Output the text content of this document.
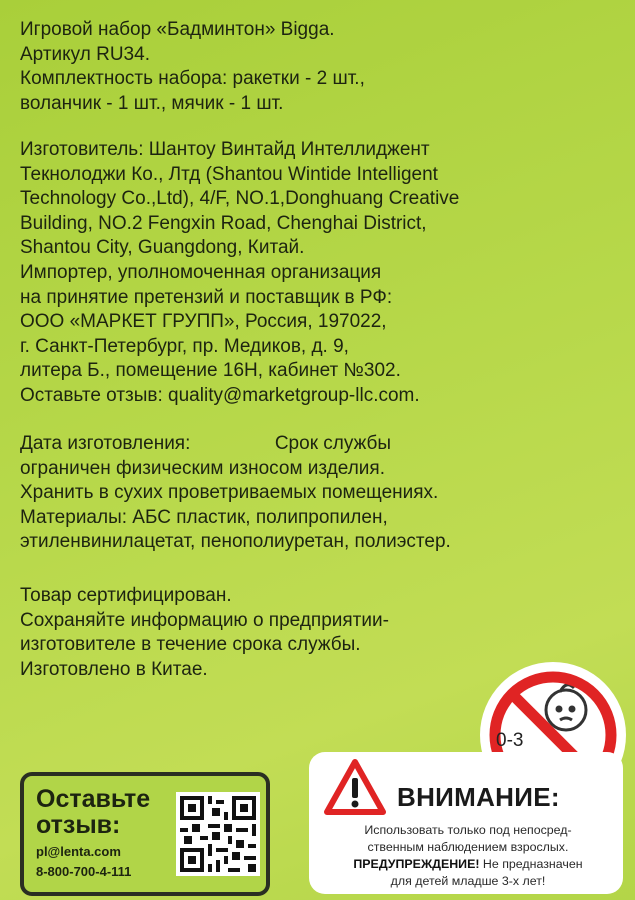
Игровой набор «Бадминтон» Bigga.
Артикул RU34.
Комплектность набора: ракетки - 2 шт.,
воланчик - 1 шт., мячик - 1 шт.
Изготовитель: Шантоу Винтайд Интеллиджент
Текнолоджи Ко., Лтд (Shantou Wintide Intelligent
Technology Co.,Ltd), 4/F, NO.1,Donghuang Creative
Building, NO.2 Fengxin Road, Chenghai District,
Shantou City, Guangdong, Китай.
Импортер, уполномоченная организация
на принятие претензий и поставщик в РФ:
ООО «МАРКЕТ ГРУПП», Россия, 197022,
г. Санкт-Петербург, пр. Медиков, д. 9,
литера Б., помещение 16Н, кабинет №302.
Оставьте отзыв: quality@marketgroup-llc.com.
Дата изготовления:                Срок службы
ограничен физическим износом изделия.
Хранить в сухих проветриваемых помещениях.
Материалы: АБС пластик, полипропилен,
этиленвинилацетат, пенополиуретан, полиэстер.
Товар сертифицирован.
Сохраняйте информацию о предприятии-
изготовителе в течение срока службы.
Изготовлено в Китае.
0-3
Оставьте
отзыв:
pl@lenta.com
8-800-700-4-111
ВНИМАНИЕ:
Использовать только под непосред-
ственным наблюдением взрослых.
ПРЕДУПРЕЖДЕНИЕ! Не предназначен
для детей младше 3-х лет!
